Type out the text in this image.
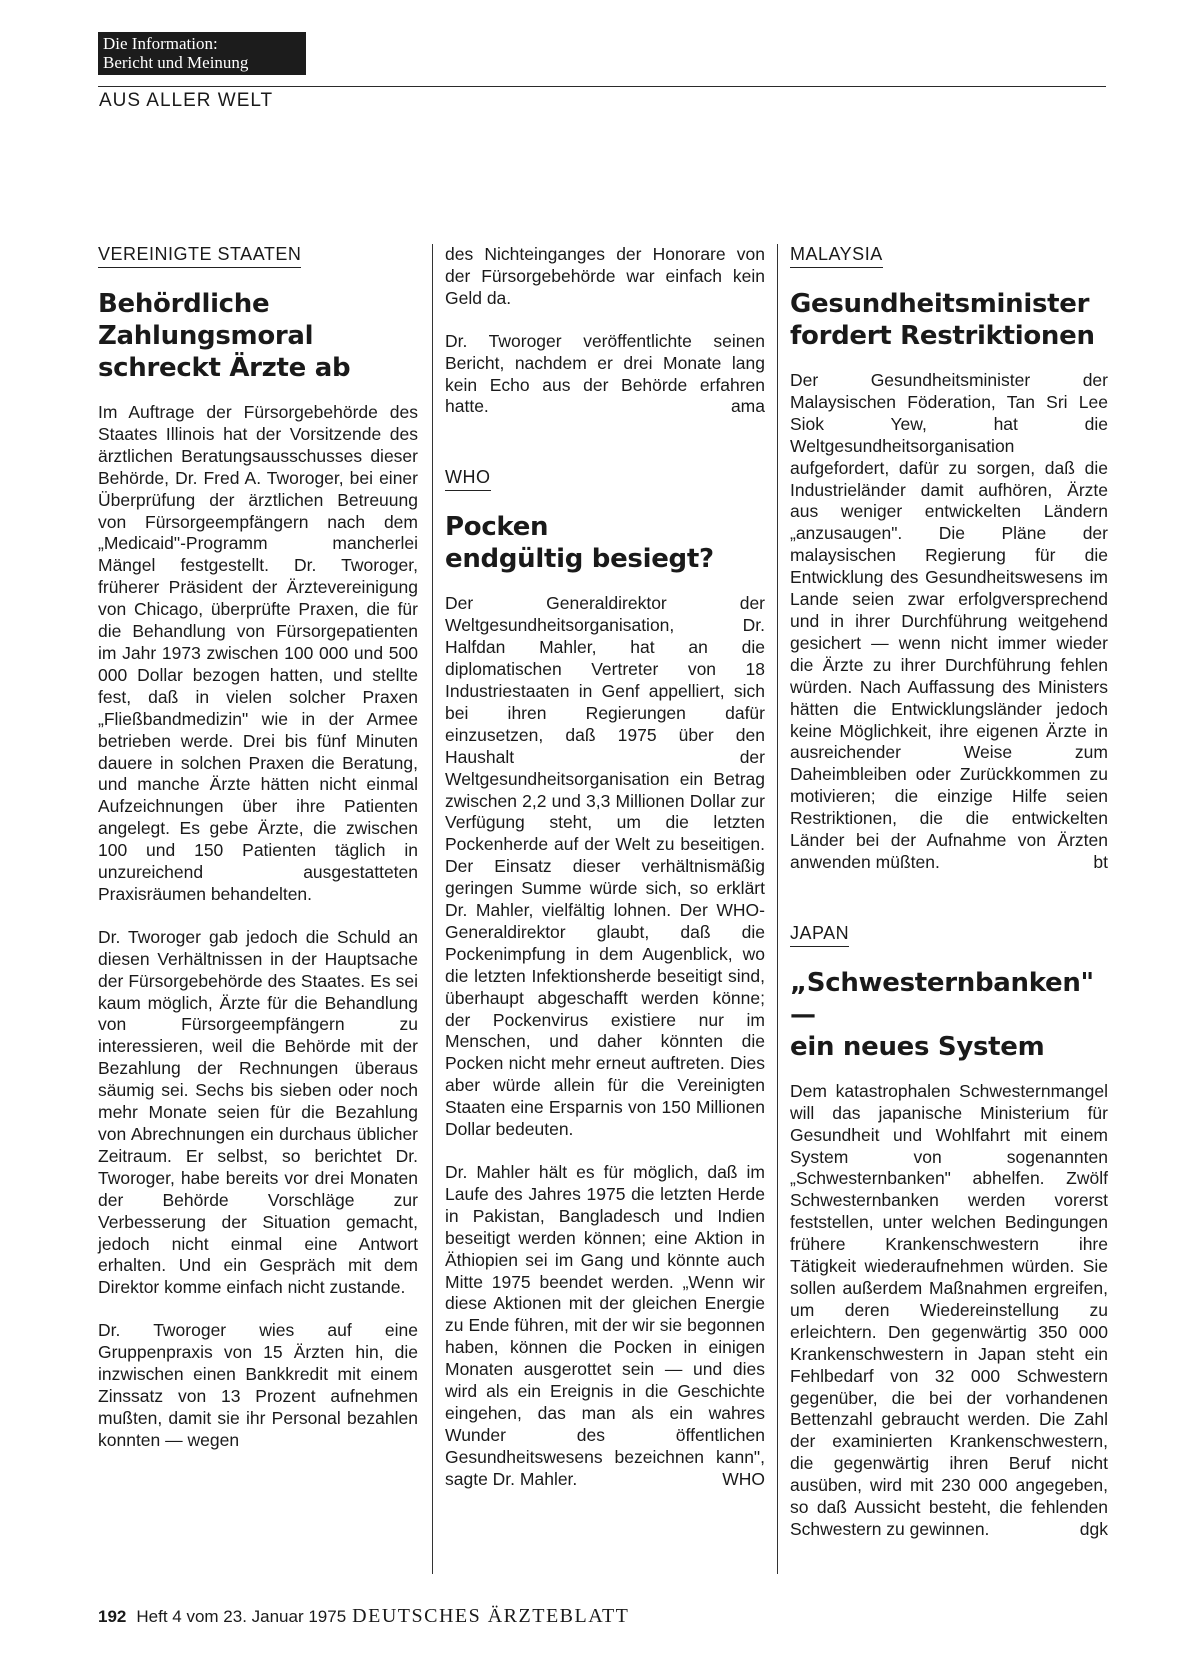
Die Information:
Bericht und Meinung
AUS ALLER WELT
VEREINIGTE STAATEN
Behördliche
Zahlungsmoral
schreckt Ärzte ab

Im Auftrage der Fürsorgebehörde des Staates Illinois hat der Vorsitzende des ärztlichen Beratungsausschusses dieser Behörde, Dr. Fred A. Tworoger, bei einer Überprüfung der ärztlichen Betreuung von Fürsorgeempfängern nach dem „Medicaid"-Programm mancherlei Mängel festgestellt. Dr. Tworoger, früherer Präsident der Ärztevereinigung von Chicago, überprüfte Praxen, die für die Behandlung von Fürsorgepatienten im Jahr 1973 zwischen 100 000 und 500 000 Dollar bezogen hatten, und stellte fest, daß in vielen solcher Praxen „Fließbandmedizin" wie in der Armee betrieben werde. Drei bis fünf Minuten dauere in solchen Praxen die Beratung, und manche Ärzte hätten nicht einmal Aufzeichnungen über ihre Patienten angelegt. Es gebe Ärzte, die zwischen 100 und 150 Patienten täglich in unzureichend ausgestatteten Praxisräumen behandelten.

Dr. Tworoger gab jedoch die Schuld an diesen Verhältnissen in der Hauptsache der Fürsorgebehörde des Staates. Es sei kaum möglich, Ärzte für die Behandlung von Fürsorgeempfängern zu interessieren, weil die Behörde mit der Bezahlung der Rechnungen überaus säumig sei. Sechs bis sieben oder noch mehr Monate seien für die Bezahlung von Abrechnungen ein durchaus üblicher Zeitraum. Er selbst, so berichtet Dr. Tworoger, habe bereits vor drei Monaten der Behörde Vorschläge zur Verbesserung der Situation gemacht, jedoch nicht einmal eine Antwort erhalten. Und ein Gespräch mit dem Direktor komme einfach nicht zustande.

Dr. Tworoger wies auf eine Gruppenpraxis von 15 Ärzten hin, die inzwischen einen Bankkredit mit einem Zinssatz von 13 Prozent aufnehmen mußten, damit sie ihr Personal bezahlen konnten — wegen

des Nichteinganges der Honorare von der Fürsorgebehörde war einfach kein Geld da.

Dr. Tworoger veröffentlichte seinen Bericht, nachdem er drei Monate lang kein Echo aus der Behörde erfahren hatte.	ama

WHO
Pocken
endgültig besiegt?

Der Generaldirektor der Weltgesundheitsorganisation, Dr. Halfdan Mahler, hat an die diplomatischen Vertreter von 18 Industriestaaten in Genf appelliert, sich bei ihren Regierungen dafür einzusetzen, daß 1975 über den Haushalt der Weltgesundheitsorganisation ein Betrag zwischen 2,2 und 3,3 Millionen Dollar zur Verfügung steht, um die letzten Pockenherde auf der Welt zu beseitigen. Der Einsatz dieser verhältnismäßig geringen Summe würde sich, so erklärt Dr. Mahler, vielfältig lohnen. Der WHO-Generaldirektor glaubt, daß die Pockenimpfung in dem Augenblick, wo die letzten Infektionsherde beseitigt sind, überhaupt abgeschafft werden könne; der Pockenvirus existiere nur im Menschen, und daher könnten die Pocken nicht mehr erneut auftreten. Dies aber würde allein für die Vereinigten Staaten eine Ersparnis von 150 Millionen Dollar bedeuten.

Dr. Mahler hält es für möglich, daß im Laufe des Jahres 1975 die letzten Herde in Pakistan, Bangladesch und Indien beseitigt werden können; eine Aktion in Äthiopien sei im Gang und könnte auch Mitte 1975 beendet werden. „Wenn wir diese Aktionen mit der gleichen Energie zu Ende führen, mit der wir sie begonnen haben, können die Pocken in einigen Monaten ausgerottet sein — und dies wird als ein Ereignis in die Geschichte eingehen, das man als ein wahres Wunder des öffentlichen Gesundheitswesens bezeichnen kann", sagte Dr. Mahler.	WHO

MALAYSIA
Gesundheitsminister
fordert Restriktionen

Der Gesundheitsminister der Malaysischen Föderation, Tan Sri Lee Siok Yew, hat die Weltgesundheitsorganisation aufgefordert, dafür zu sorgen, daß die Industrieländer damit aufhören, Ärzte aus weniger entwickelten Ländern „anzusaugen". Die Pläne der malaysischen Regierung für die Entwicklung des Gesundheitswesens im Lande seien zwar erfolgversprechend und in ihrer Durchführung weitgehend gesichert — wenn nicht immer wieder die Ärzte zu ihrer Durchführung fehlen würden. Nach Auffassung des Ministers hätten die Entwicklungsländer jedoch keine Möglichkeit, ihre eigenen Ärzte in ausreichender Weise zum Daheimbleiben oder Zurückkommen zu motivieren; die einzige Hilfe seien Restriktionen, die die entwickelten Länder bei der Aufnahme von Ärzten anwenden müßten.	bt

JAPAN
„Schwesternbanken" —
ein neues System

Dem katastrophalen Schwesternmangel will das japanische Ministerium für Gesundheit und Wohlfahrt mit einem System von sogenannten „Schwesternbanken" abhelfen. Zwölf Schwesternbanken werden vorerst feststellen, unter welchen Bedingungen frühere Krankenschwestern ihre Tätigkeit wiederaufnehmen würden. Sie sollen außerdem Maßnahmen ergreifen, um deren Wiedereinstellung zu erleichtern. Den gegenwärtig 350 000 Krankenschwestern in Japan steht ein Fehlbedarf von 32 000 Schwestern gegenüber, die bei der vorhandenen Bettenzahl gebraucht werden. Die Zahl der examinierten Krankenschwestern, die gegenwärtig ihren Beruf nicht ausüben, wird mit 230 000 angegeben, so daß Aussicht besteht, die fehlenden Schwestern zu gewinnen.	dgk

192 Heft 4 vom 23. Januar 1975 DEUTSCHES ÄRZTEBLATT
